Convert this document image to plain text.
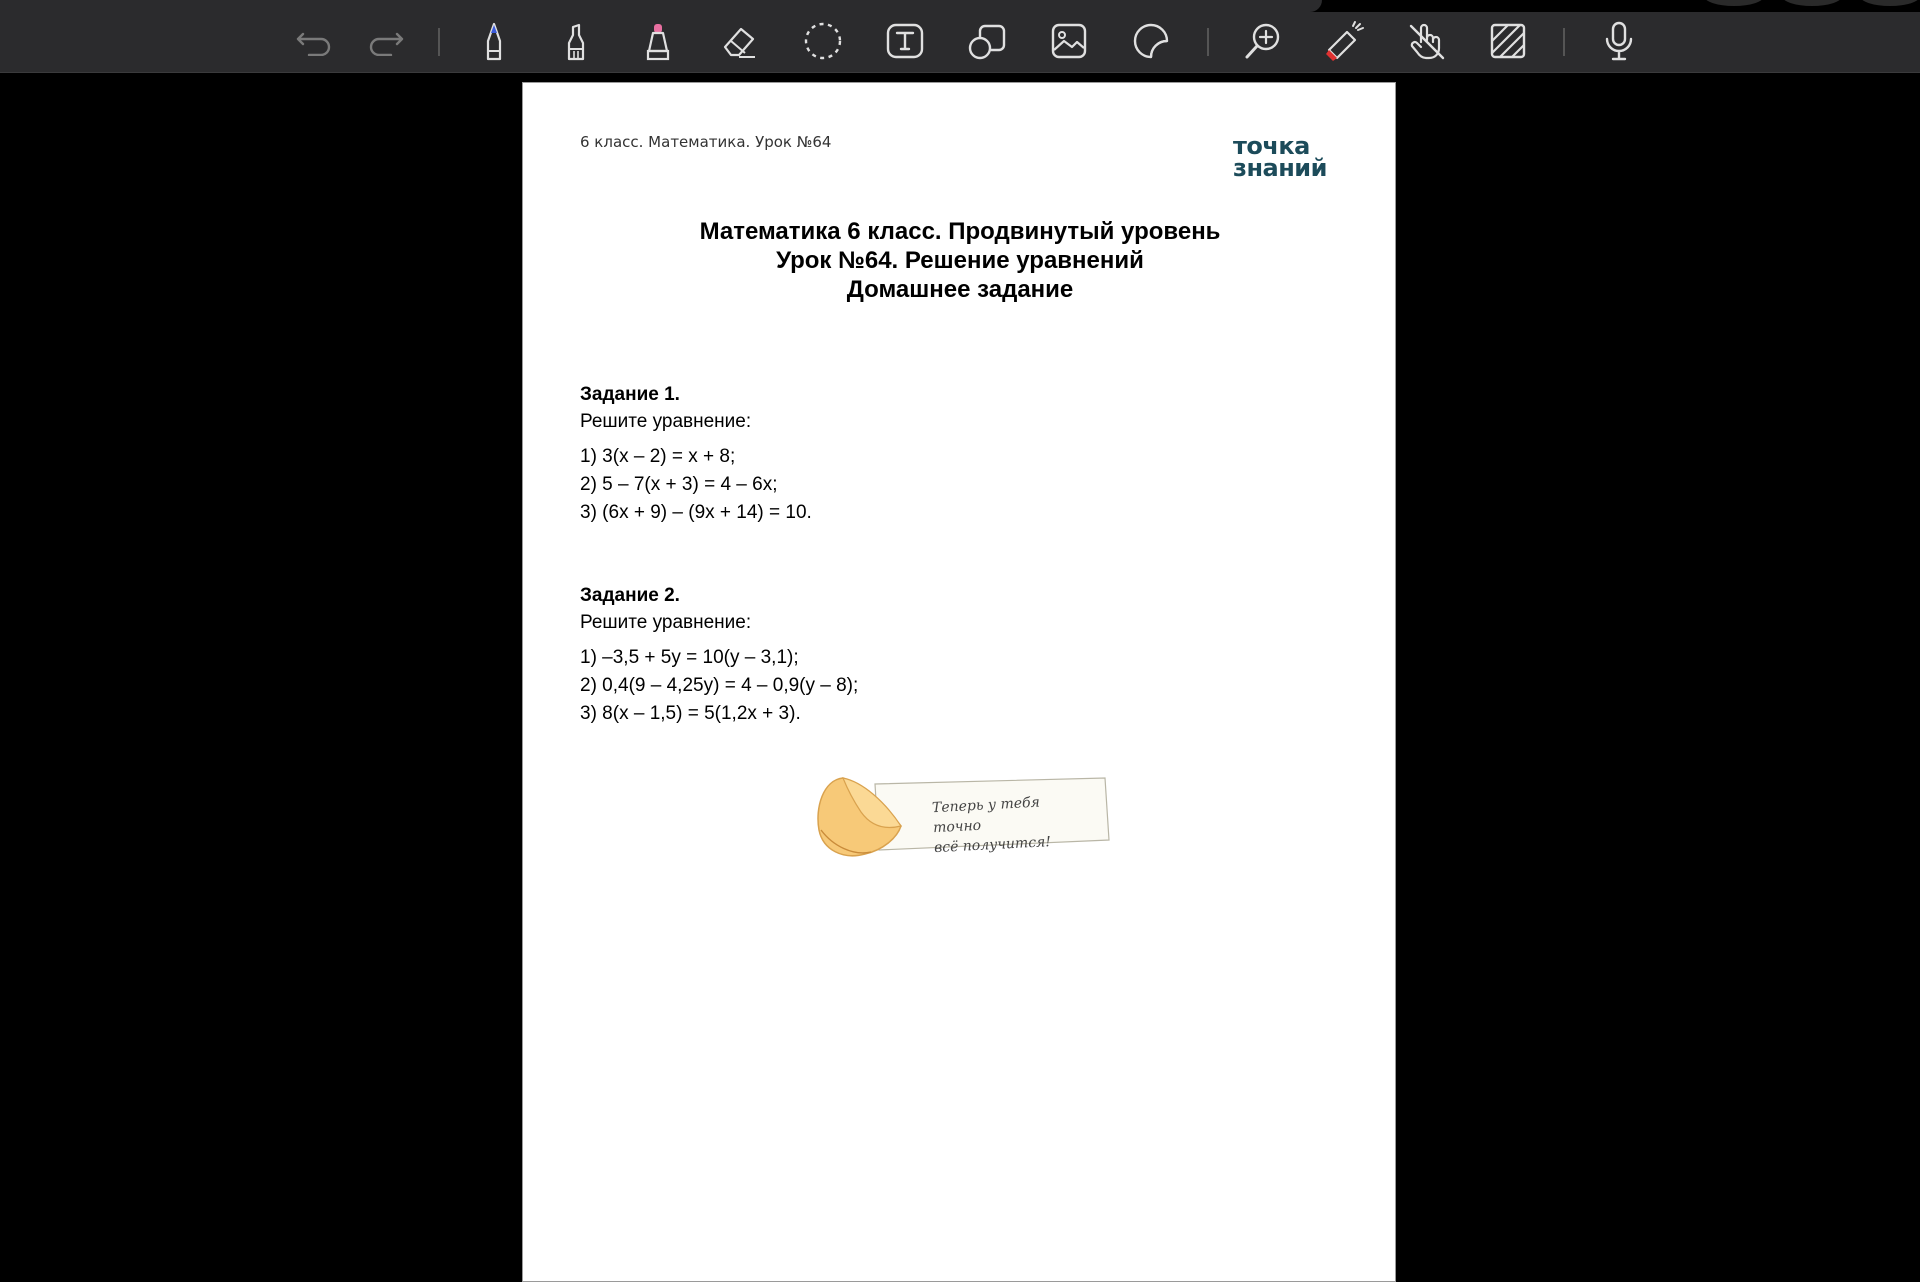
6 класс. Математика. Урок №64	точка
знаний
Математика 6 класс. Продвинутый уровень
Урок №64. Решение уравнений
Домашнее задание
Задание 1.
Решите уравнение:
1) 3(x – 2) = x + 8;
2) 5 – 7(x + 3) = 4 – 6x;
3) (6x + 9) – (9x + 14) = 10.
Задание 2.
Решите уравнение:
1) –3,5 + 5y = 10(y – 3,1);
2) 0,4(9 – 4,25y) = 4 – 0,9(y – 8);
3) 8(x – 1,5) = 5(1,2x + 3).
Теперь у тебя точно
всё получится!
